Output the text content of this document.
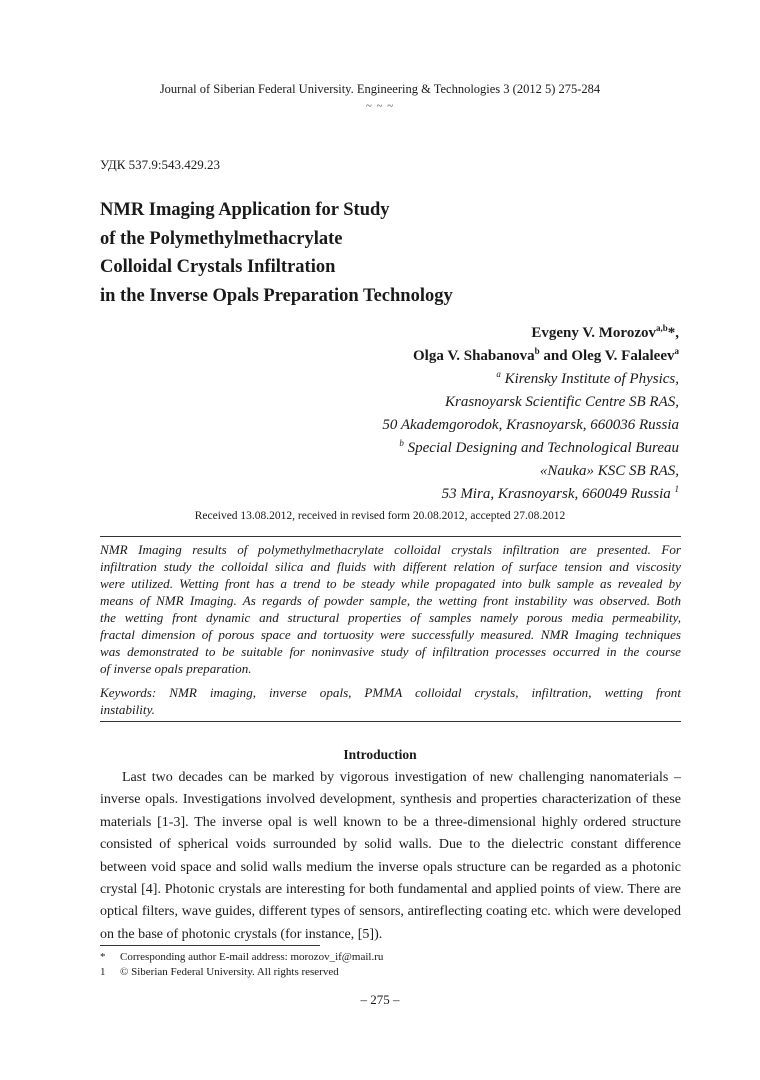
Journal of Siberian Federal University. Engineering & Technologies 3 (2012 5) 275-284
~ ~ ~
УДК 537.9:543.429.23
NMR Imaging Application for Study
of the Polymethylmethacrylate
Colloidal Crystals Infiltration
in the Inverse Opals Preparation Technology
Evgeny V. Morozov$^{a,b}$*,
Olga V. Shabanova$^b$ and Oleg V. Falaleev$^a$
$^a$ Kirensky Institute of Physics,
Krasnoyarsk Scientific Centre SB RAS,
50 Akademgorodok, Krasnoyarsk, 660036 Russia
$^b$ Special Designing and Technological Bureau
«Nauka» KSC SB RAS,
53 Mira, Krasnoyarsk, 660049 Russia $^1$
Received 13.08.2012, received in revised form 20.08.2012, accepted 27.08.2012
NMR Imaging results of polymethylmethacrylate colloidal crystals infiltration are presented. For
infiltration study the colloidal silica and fluids with different relation of surface tension and viscosity
were utilized. Wetting front has a trend to be steady while propagated into bulk sample as revealed by
means of NMR Imaging. As regards of powder sample, the wetting front instability was observed. Both
the wetting front dynamic and structural properties of samples namely porous media permeability,
fractal dimension of porous space and tortuosity were successfully measured. NMR Imaging techniques
was demonstrated to be suitable for noninvasive study of infiltration processes occurred in the course
of inverse opals preparation.
Keywords: NMR imaging, inverse opals, PMMA colloidal crystals, infiltration, wetting front
instability.
Introduction
Last two decades can be marked by vigorous investigation of new challenging nanomaterials –
inverse opals. Investigations involved development, synthesis and properties characterization of these
materials [1-3]. The inverse opal is well known to be a three-dimensional highly ordered structure
consisted of spherical voids surrounded by solid walls. Due to the dielectric constant difference
between void space and solid walls medium the inverse opals structure can be regarded as a photonic
crystal [4]. Photonic crystals are interesting for both fundamental and applied points of view. There are
optical filters, wave guides, different types of sensors, antireflecting coating etc. which were developed
on the base of photonic crystals (for instance, [5]).
*	Corresponding author E-mail address: morozov_if@mail.ru
1	© Siberian Federal University. All rights reserved
– 275 –
